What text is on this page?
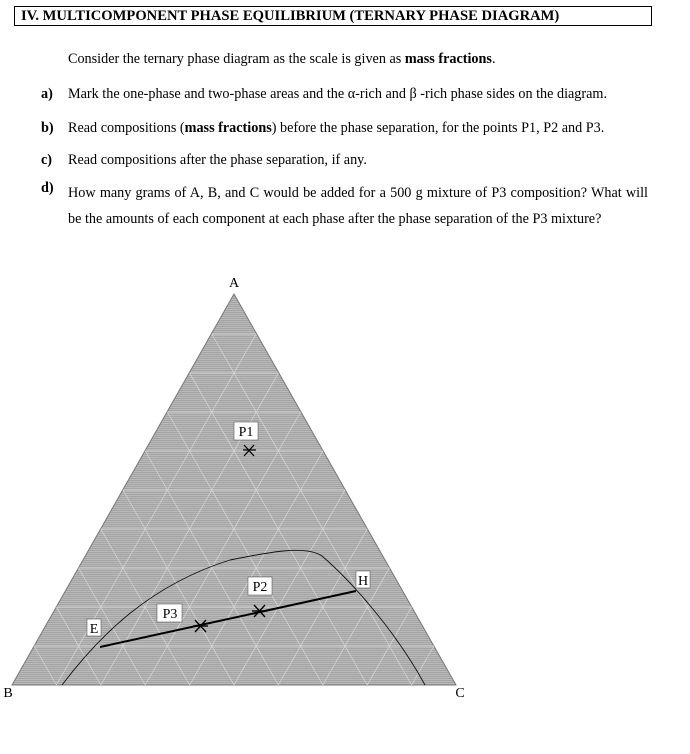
IV. MULTICOMPONENT PHASE EQUILIBRIUM (TERNARY PHASE DIAGRAM)
Consider the ternary phase diagram as the scale is given as mass fractions.
a) Mark the one-phase and two-phase areas and the α-rich and β -rich phase sides on the diagram.
b) Read compositions (mass fractions) before the phase separation, for the points P1, P2 and P3.
c) Read compositions after the phase separation, if any.
d) How many grams of A, B, and C would be added for a 500 g mixture of P3 composition? What will be the amounts of each component at each phase after the phase separation of the P3 mixture?
P1
P2
P3
H
E
A
B	C
